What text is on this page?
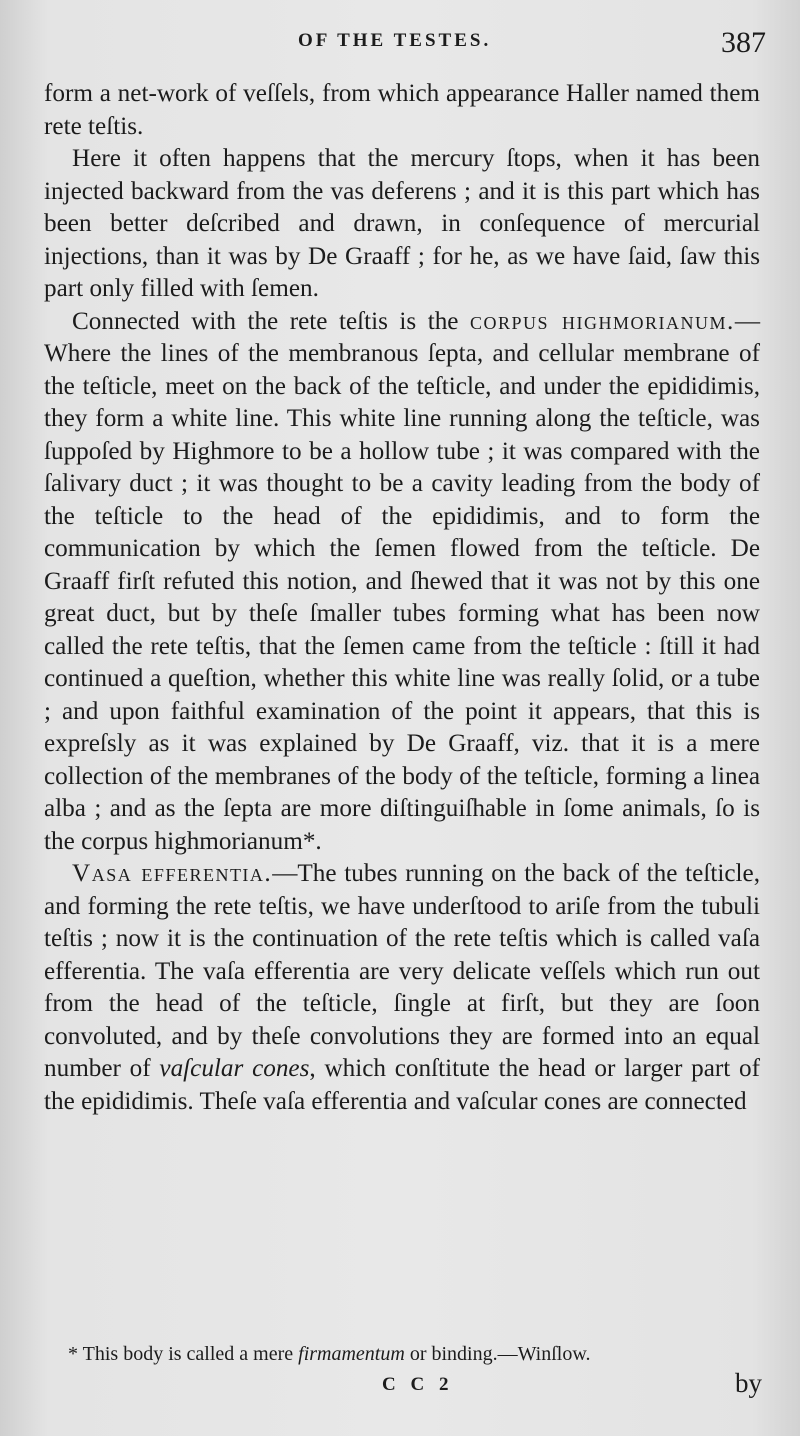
OF THE TESTES.	387

form a net-work of veſſels, from which appearance Haller named them rete teſtis.

Here it often happens that the mercury ſtops, when it has been injected backward from the vas deferens ; and it is this part which has been better deſcribed and drawn, in conſequence of mercurial injections, than it was by De Graaff ; for he, as we have ſaid, ſaw this part only filled with ſemen.

Connected with the rete teſtis is the corpus highmorianum.—Where the lines of the membranous ſepta, and cellular membrane of the teſticle, meet on the back of the teſticle, and under the epididimis, they form a white line. This white line running along the teſticle, was ſuppoſed by Highmore to be a hollow tube ; it was compared with the ſalivary duct ; it was thought to be a cavity leading from the body of the teſticle to the head of the epididimis, and to form the communication by which the ſemen flowed from the teſticle. De Graaff firſt refuted this notion, and ſhewed that it was not by this one great duct, but by theſe ſmaller tubes forming what has been now called the rete teſtis, that the ſemen came from the teſticle : ſtill it had continued a queſtion, whether this white line was really ſolid, or a tube ; and upon faithful examination of the point it appears, that this is expreſsly as it was explained by De Graaff, viz. that it is a mere collection of the membranes of the body of the teſticle, forming a linea alba ; and as the ſepta are more diſtinguiſhable in ſome animals, ſo is the corpus highmorianum*.

Vasa efferentia.—The tubes running on the back of the teſticle, and forming the rete teſtis, we have underſtood to ariſe from the tubuli teſtis ; now it is the continuation of the rete teſtis which is called vaſa efferentia. The vaſa efferentia are very delicate veſſels which run out from the head of the teſticle, ſingle at firſt, but they are ſoon convoluted, and by theſe convolutions they are formed into an equal number of vaſcular cones, which conſtitute the head or larger part of the epididimis. Theſe vaſa efferentia and vaſcular cones are connected

* This body is called a mere firmamentum or binding.—Winſlow.
C C 2	by
